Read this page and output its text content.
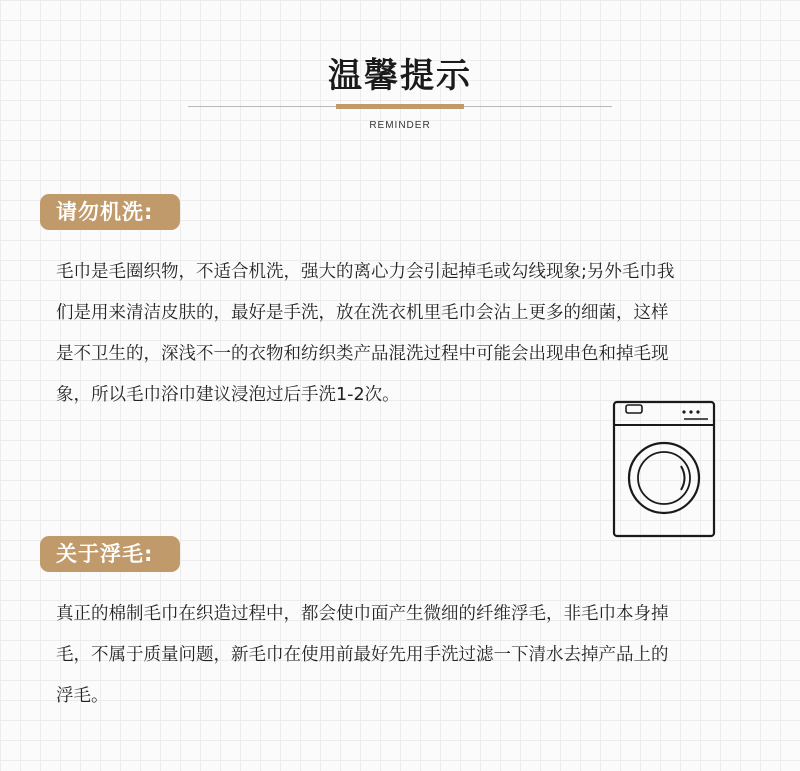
温馨提示
REMINDER
请勿机洗:
毛巾是毛圈织物，不适合机洗，强大的离心力会引起掉毛或勾线现象;另外毛巾我
们是用来清洁皮肤的，最好是手洗，放在洗衣机里毛巾会沾上更多的细菌，这样
是不卫生的，深浅不一的衣物和纺织类产品混洗过程中可能会出现串色和掉毛现
象，所以毛巾浴巾建议浸泡过后手洗1-2次。
关于浮毛:
真正的棉制毛巾在织造过程中，都会使巾面产生微细的纤维浮毛，非毛巾本身掉
毛，不属于质量问题，新毛巾在使用前最好先用手洗过滤一下清水去掉产品上的
浮毛。
